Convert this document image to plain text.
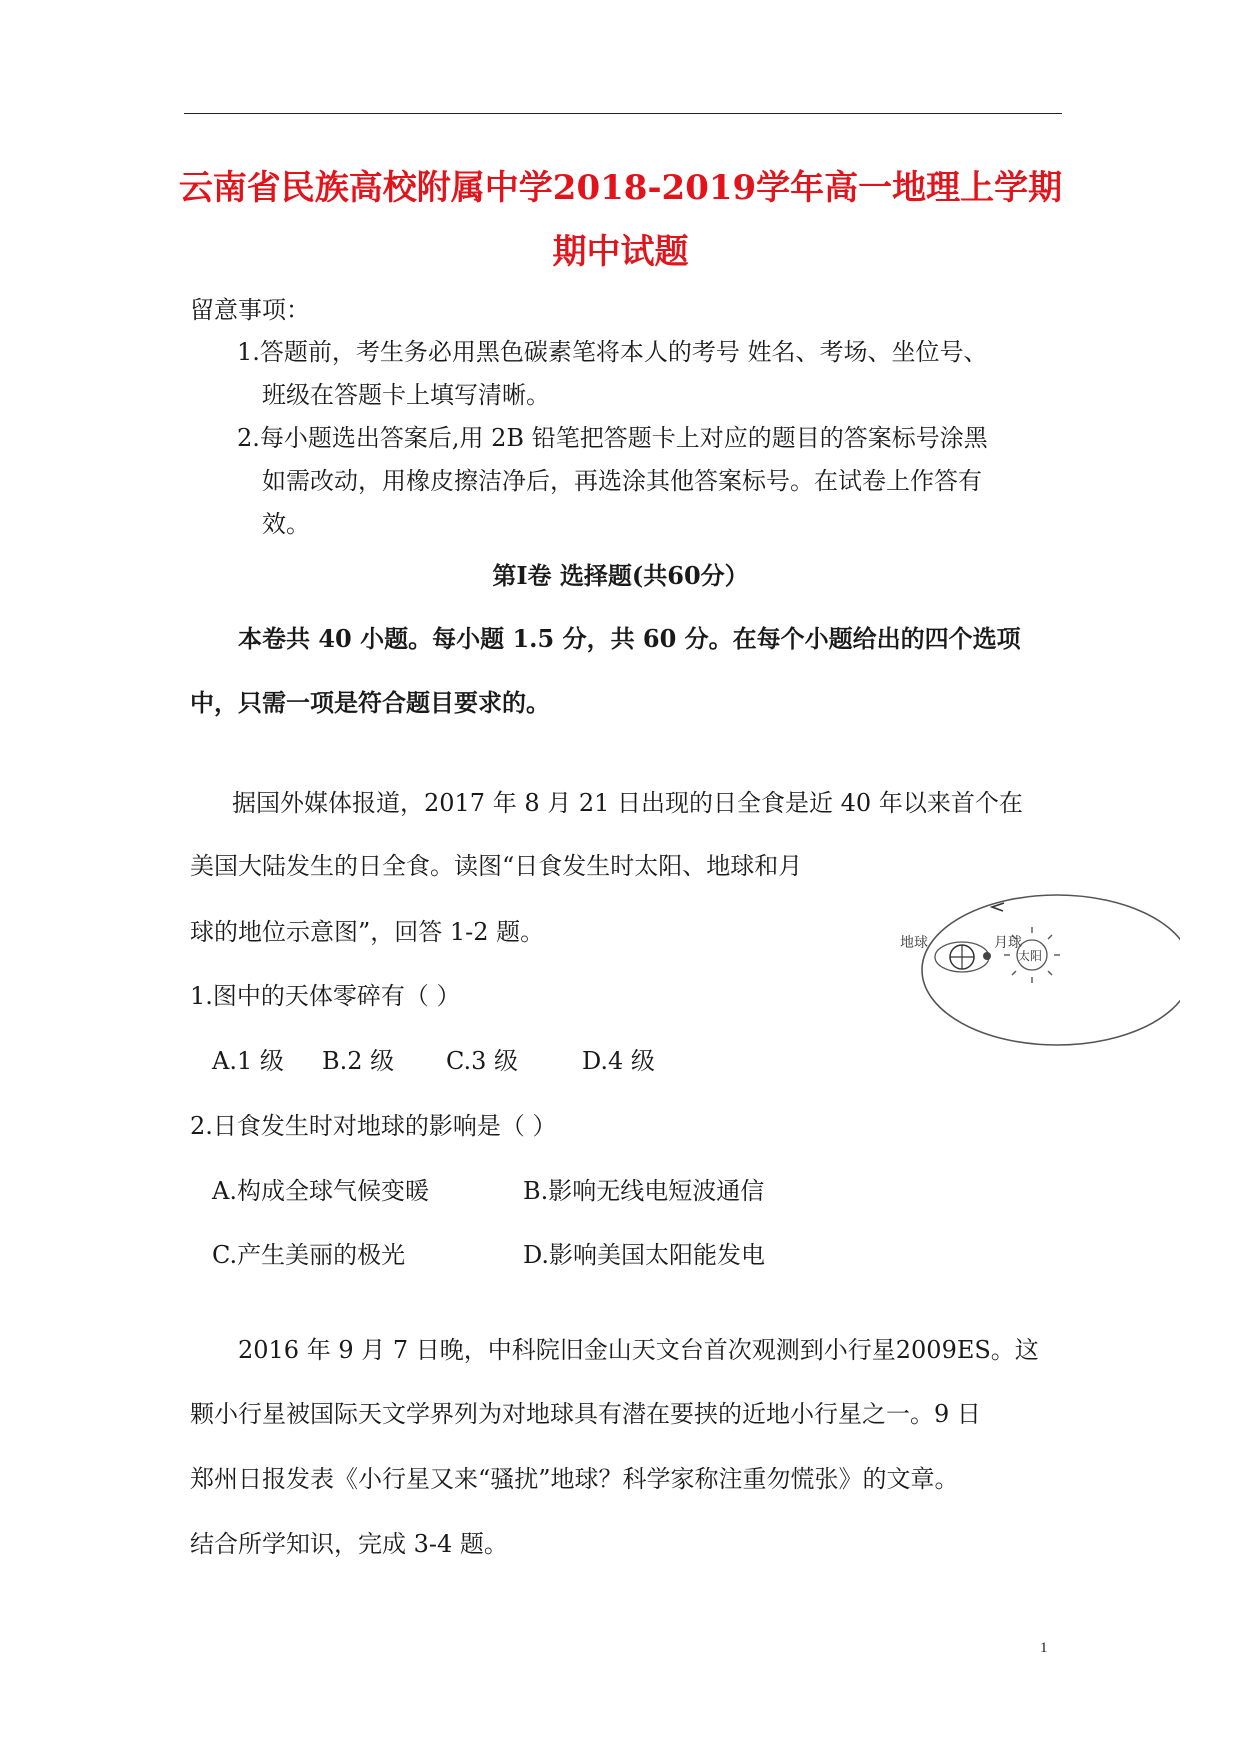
云南省民族高校附属中学2018-2019学年高一地理上学期
期中试题
留意事项：
1.答题前，考生务必用黑色碳素笔将本人的考号 姓名、考场、坐位号、
班级在答题卡上填写清晰。
2.每小题选出答案后,用 2B 铅笔把答题卡上对应的题目的答案标号涂黑
如需改动，用橡皮擦洁净后，再选涂其他答案标号。在试卷上作答有
效。
第Ⅰ卷 选择题(共60分）
本卷共 40 小题。每小题 1.5 分，共 60 分。在每个小题给出的四个选项
中，只需一项是符合题目要求的。
据国外媒体报道，2017 年 8 月 21 日出现的日全食是近 40 年以来首个在
美国大陆发生的日全食。读图“日食发生时太阳、地球和月
球的地位示意图”，回答 1-2 题。	地球	月球
太阳
1.图中的天体零碎有（ ）
A.1 级 B.2 级 C.3 级	D.4 级
2.日食发生时对地球的影响是（ ）
A.构成全球气候变暖	B.影响无线电短波通信
C.产生美丽的极光	D.影响美国太阳能发电
2016 年 9 月 7 日晚，中科院旧金山天文台首次观测到小行星2009ES。这
颗小行星被国际天文学界列为对地球具有潜在要挟的近地小行星之一。9 日
郑州日报发表《小行星又来“骚扰”地球？科学家称注重勿慌张》的文章。
结合所学知识，完成 3-4 题。
1
